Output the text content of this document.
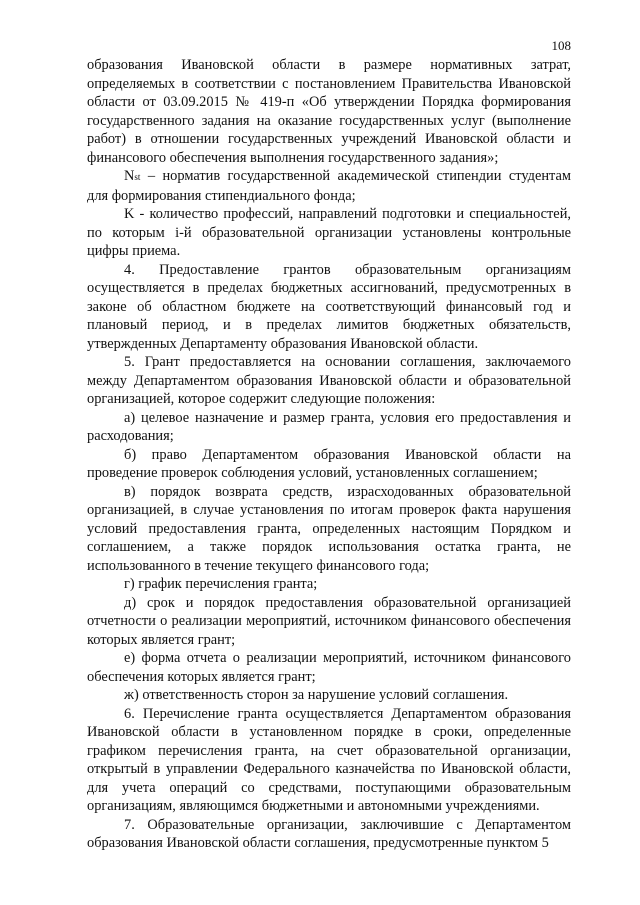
108

образования Ивановской области в размере нормативных затрат, определяемых в соответствии с постановлением Правительства Ивановской области от 03.09.2015 № 419-п «Об утверждении Порядка формирования государственного задания на оказание государственных услуг (выполнение работ) в отношении государственных учреждений Ивановской области и финансового обеспечения выполнения государственного задания»;

Nst – норматив государственной академической стипендии студентам для формирования стипендиального фонда;

K - количество профессий, направлений подготовки и специальностей, по которым i-й образовательной организации установлены контрольные цифры приема.

4. Предоставление грантов образовательным организациям осуществляется в пределах бюджетных ассигнований, предусмотренных в законе об областном бюджете на соответствующий финансовый год и плановый период, и в пределах лимитов бюджетных обязательств, утвержденных Департаменту образования Ивановской области.

5. Грант предоставляется на основании соглашения, заключаемого между Департаментом образования Ивановской области и образовательной организацией, которое содержит следующие положения:

а) целевое назначение и размер гранта, условия его предоставления и расходования;

б) право Департаментом образования Ивановской области на проведение проверок соблюдения условий, установленных соглашением;

в) порядок возврата средств, израсходованных образовательной организацией, в случае установления по итогам проверок факта нарушения условий предоставления гранта, определенных настоящим Порядком и соглашением, а также порядок использования остатка гранта, не использованного в течение текущего финансового года;

г) график перечисления гранта;

д) срок и порядок предоставления образовательной организацией отчетности о реализации мероприятий, источником финансового обеспечения которых является грант;

е) форма отчета о реализации мероприятий, источником финансового обеспечения которых является грант;

ж) ответственность сторон за нарушение условий соглашения.

6. Перечисление гранта осуществляется Департаментом образования Ивановской области в установленном порядке в сроки, определенные графиком перечисления гранта, на счет образовательной организации, открытый в управлении Федерального казначейства по Ивановской области, для учета операций со средствами, поступающими образовательным организациям, являющимся бюджетными и автономными учреждениями.

7. Образовательные организации, заключившие с Департаментом образования Ивановской области соглашения, предусмотренные пунктом 5
